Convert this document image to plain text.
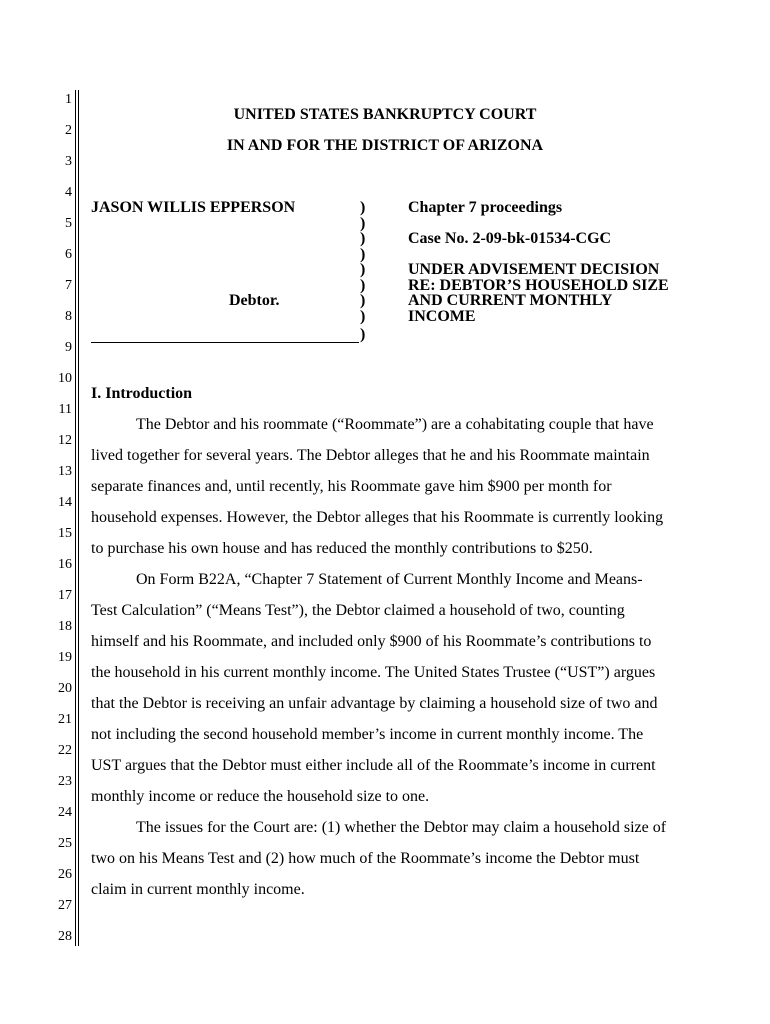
1
2
3
4
5
6
7
8
9
10
11
12
13
14
15
16
17
18
19
20
21
22
23
24
25
26
27
28
UNITED STATES BANKRUPTCY COURT
IN AND FOR THE DISTRICT OF ARIZONA
JASON WILLIS EPPERSON
Debtor.
)
)
)
)
)
)
)
)
)
Chapter 7 proceedings
Case No. 2-09-bk-01534-CGC
UNDER ADVISEMENT DECISION
RE: DEBTOR’S HOUSEHOLD SIZE
AND CURRENT MONTHLY
INCOME
I. Introduction
The Debtor and his roommate (“Roommate”) are a cohabitating couple that have
lived together for several years. The Debtor alleges that he and his Roommate maintain
separate finances and, until recently, his Roommate gave him $900 per month for
household expenses. However, the Debtor alleges that his Roommate is currently looking
to purchase his own house and has reduced the monthly contributions to $250.
On Form B22A, “Chapter 7 Statement of Current Monthly Income and Means-
Test Calculation” (“Means Test”), the Debtor claimed a household of two, counting
himself and his Roommate, and included only $900 of his Roommate’s contributions to
the household in his current monthly income. The United States Trustee (“UST”) argues
that the Debtor is receiving an unfair advantage by claiming a household size of two and
not including the second household member’s income in current monthly income. The
UST argues that the Debtor must either include all of the Roommate’s income in current
monthly income or reduce the household size to one.
The issues for the Court are: (1) whether the Debtor may claim a household size of
two on his Means Test and (2) how much of the Roommate’s income the Debtor must
claim in current monthly income.
